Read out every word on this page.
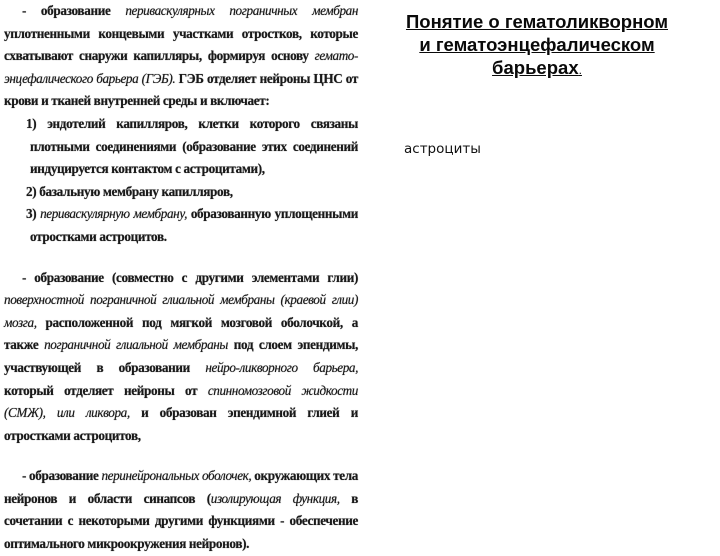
- образование периваскулярных пограничных мембран уплотненными концевыми участками отростков, которые схватывают снаружи капилляры, формируя основу гемато-энцефалического барьера (ГЭБ). ГЭБ отделяет нейроны ЦНС от крови и тканей внутренней среды и включает:

1) эндотелий капилляров, клетки которого связаны плотными соединениями (образование этих соединений индуцируется контактом с астроцитами),

2) базальную мембрану капилляров,

3) периваскулярную мембрану, образованную уплощенными отростками астроцитов.

- образование (совместно с другими элементами глии) поверхностной пограничной глиальной мембраны (краевой глии) мозга, расположенной под мягкой мозговой оболочкой, а также пограничной глиальной мембраны под слоем эпендимы, участвующей в образовании нейро-ликворного барьера, который отделяет нейроны от спинномозговой жидкости (СМЖ), или ликвора, и образован эпендимной глией и отростками астроцитов,

- образование перинейрональных оболочек, окружающих тела нейронов и области синапсов (изолирующая функция, в сочетании с некоторыми другими функциями - обеспечение оптимального микроокружения нейронов).

Понятие о гематоликворном и гематоэнцефалическом барьерах.
астроциты
